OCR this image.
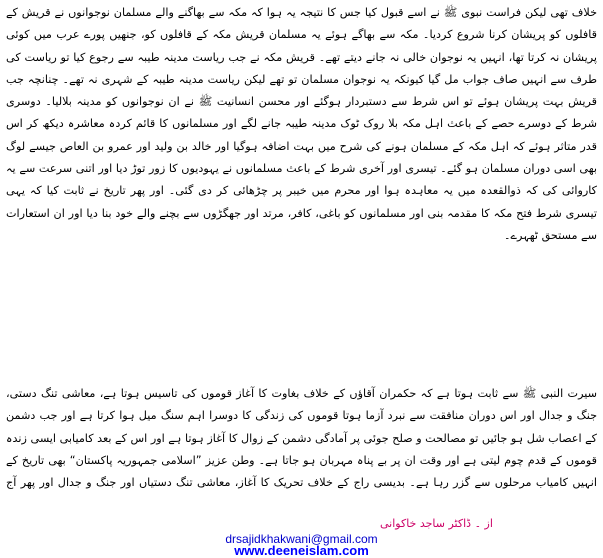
خلاف تھی لیکن فراست نبوی ﷺ نے اسے قبول کیا جس کا نتیجہ یہ ہوا کہ مکہ سے بھاگنے والے مسلمان نوجوانوں نے قریش کے قافلوں کو پریشان کرنا شروع کردیا۔ مکہ سے بھاگے ہوئے یہ مسلمان قریش مکہ کے قافلوں کو، جنھیں پورے عرب میں کوئی پریشان نہ کرتا تھا، انہیں یہ نوجوان خالی نہ جانے دیتے تھے۔ قریش مکہ نے جب ریاست مدینہ طیبہ سے رجوع کیا تو ریاست کی طرف سے انہیں صاف جواب مل گیا کیونکہ یہ نوجوان مسلمان تو تھے لیکن ریاست مدینہ طیبہ کے شہری نہ تھے۔ چنانچہ جب قریش بہت پریشان ہوئے تو اس شرط سے دستبردار ہوگئے اور محسن انسانیت ﷺ نے ان نوجوانوں کو مدینہ بلالیا۔ دوسری شرط کے دوسرے حصے کے باعث اہل مکہ بلا روک ٹوک مدینہ طیبہ جانے لگے اور مسلمانوں کا قائم کردہ معاشرہ دیکھ کر اس قدر متاثر ہوئے کہ اہل مکہ کے مسلمان ہونے کی شرح میں بہت اضافہ ہوگیا اور خالد بن ولید اور عمرو بن العاص جیسے لوگ بھی اسی دوران مسلمان ہو گئے۔ تیسری اور آخری شرط کے باعث مسلمانوں نے یہودیوں کا زور توڑ دیا اور اتنی سرعت سے یہ کاروائی کی کہ ذوالقعدہ میں یہ معاہدہ ہوا اور محرم میں خیبر پر چڑھائی کر دی گئی۔ اور پھر تاریخ نے ثابت کیا کہ یہی تیسری شرط فتح مکہ کا مقدمہ بنی اور مسلمانوں کو باغی، کافر، مرتد اور جھگڑوں سے بچنے والے خود بنا دیا اور ان استعارات سے مستحق ٹھہرے۔

سیرت النبی ﷺ سے ثابت ہوتا ہے کہ حکمران آقاؤں کے خلاف بغاوت کا آغاز قوموں کی تاسیس ہوتا ہے، معاشی تنگ دستی، جنگ و جدال اور اس دوران منافقت سے نبرد آزما ہوتا قوموں کی زندگی کا دوسرا اہم سنگ میل ہوا کرتا ہے اور جب دشمن کے اعصاب شل ہو جائیں تو مصالحت و صلح جوئی پر آمادگی دشمن کے زوال کا آغاز ہوتا ہے اور اس کے بعد کامیابی ایسی زندہ قوموں کے قدم چوم لیتی ہے اور وقت ان پر بے پناہ مہربان ہو جاتا ہے۔ وطن عزیز ”اسلامی جمہوریہ پاکستان“ بھی تاریخ کے انہیں کامیاب مرحلوں سے گزر رہا ہے۔ بدیسی راج کے خلاف تحریک کا آغاز، معاشی تنگ دستیاں اور جنگ و جدال اور پھر آج

از ۔ ڈاکٹر ساجد خاکوانی
drsajidkhakwani@gmail.com
www.deeneislam.com
